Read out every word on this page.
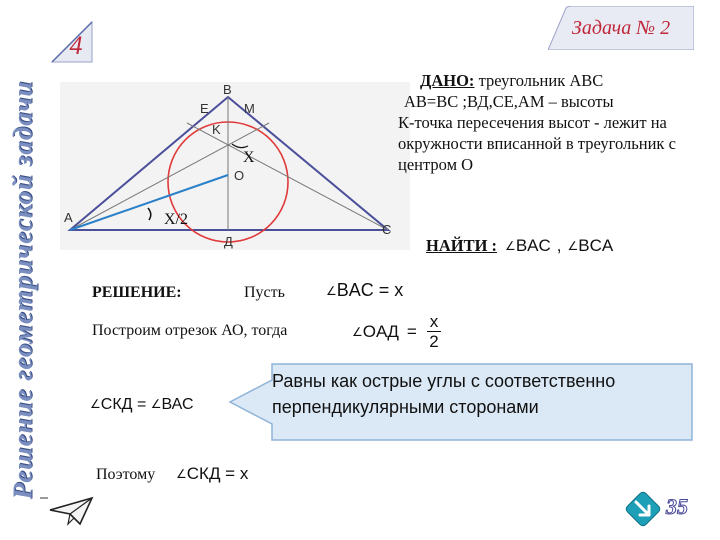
Решение геометрической задачи
4
Задача № 2
A
B
C
Д
E	M
K
O
X
X/2
ДАНО: треугольник ABC
AB=BC ;ВД,CE,AM – высоты
К-точка пересечения высот - лежит на окружности вписанной в треугольник с центром О
НАЙТИ : ∠BAC , ∠BCA
РЕШЕНИЕ:	Пусть	∠BAC = x
Построим отрезок АО, тогда	∠ OAД = $\frac{x}{2}$
∠СКД = ∠ВАС
Равны как острые углы с соответственно перпендикулярными сторонами
Поэтому ∠СКД = x
35
